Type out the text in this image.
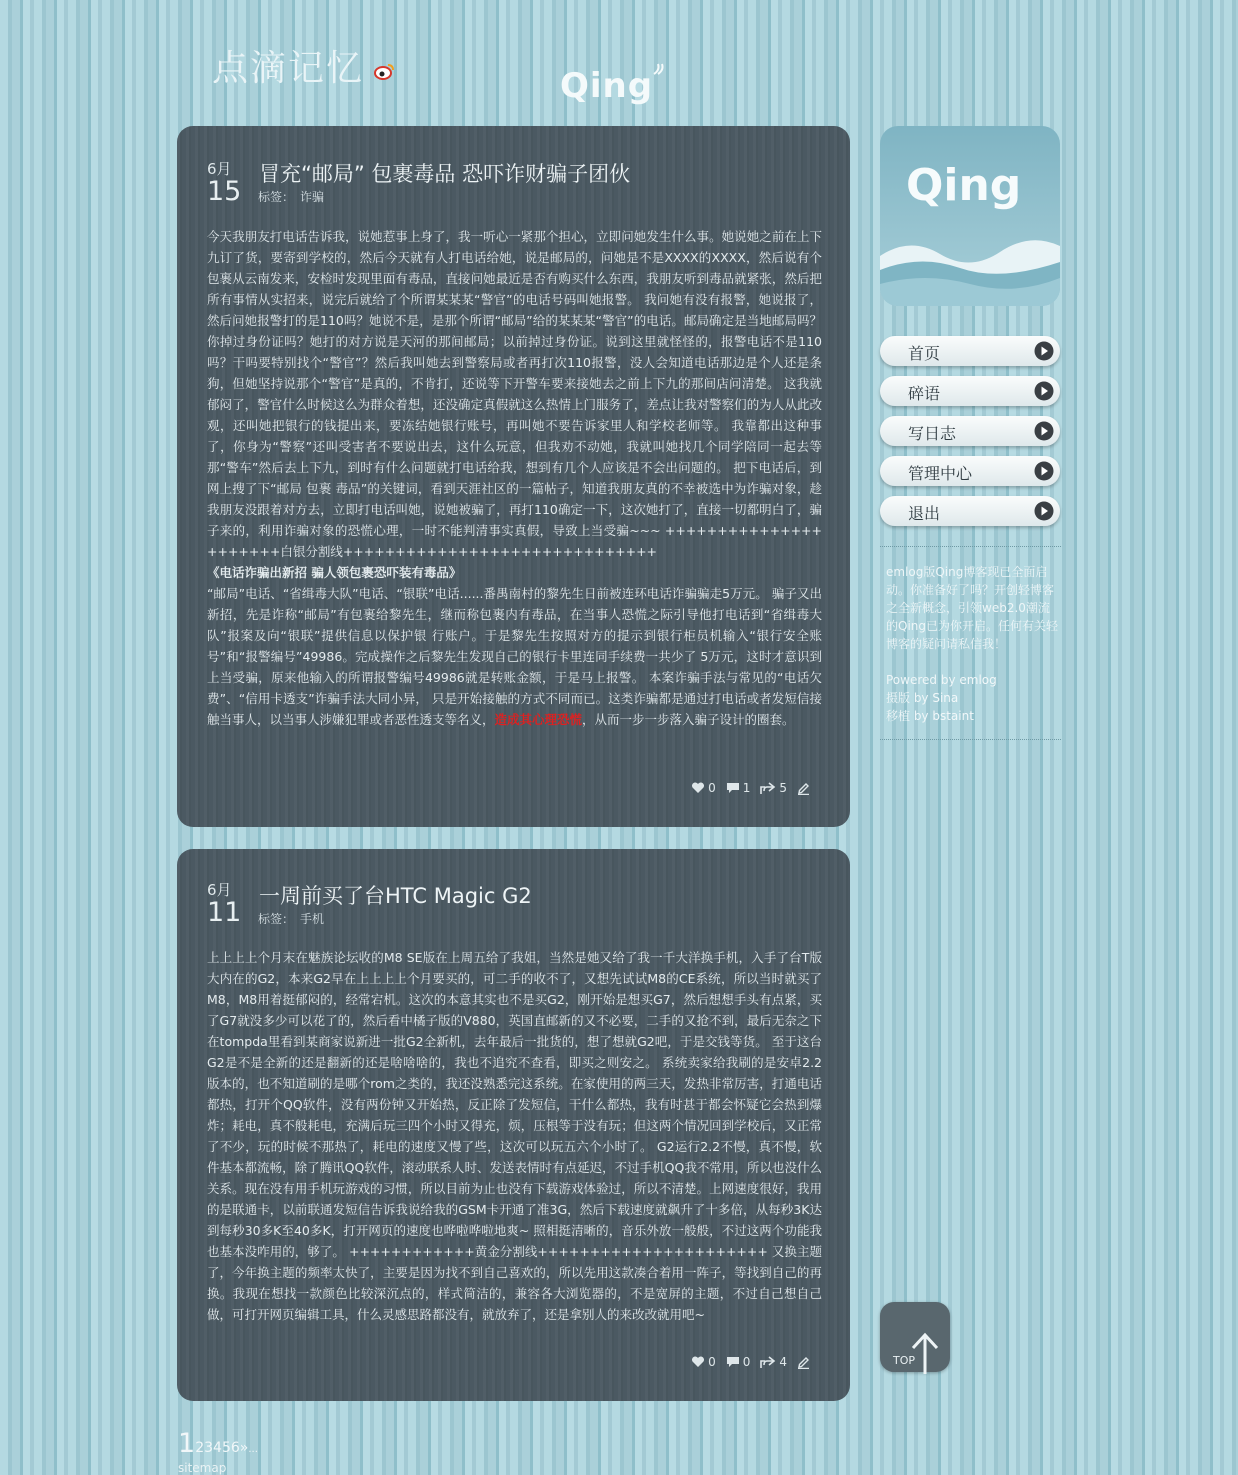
点滴记忆	Qing
6月
15
冒充“邮局” 包裹毒品 恐吓诈财骗子团伙
标签： 诈骗

今天我朋友打电话告诉我，说她惹事上身了，我一听心一紧那个担心，立即问她发生什么事。她说她之前在上下九订了货，要寄到学校的，然后今天就有人打电话给她，说是邮局的，问她是不是XXXX的XXXX，然后说有个包裹从云南发来，安检时发现里面有毒品，直接问她最近是否有购买什么东西，我朋友听到毒品就紧张，然后把所有事情从实招来，说完后就给了个所谓某某某“警官”的电话号码叫她报警。 我问她有没有报警，她说报了，然后问她报警打的是110吗？她说不是，是那个所谓“邮局”给的某某某“警官”的电话。邮局确定是当地邮局吗？你掉过身份证吗？她打的对方说是天河的那间邮局；以前掉过身份证。说到这里就怪怪的，报警电话不是110吗？干吗要特别找个“警官”？然后我叫她去到警察局或者再打次110报警，没人会知道电话那边是个人还是条狗，但她坚持说那个“警官”是真的，不肯打，还说等下开警车要来接她去之前上下九的那间店问清楚。 这我就郁闷了，警官什么时候这么为群众着想，还没确定真假就这么热情上门服务了，差点让我对警察们的为人从此改观，还叫她把银行的钱提出来，要冻结她银行账号，再叫她不要告诉家里人和学校老师等。 我靠都出这种事了，你身为“警察”还叫受害者不要说出去，这什么玩意，但我劝不动她，我就叫她找几个同学陪同一起去等那“警车”然后去上下九，到时有什么问题就打电话给我，想到有几个人应该是不会出问题的。 把下电话后，到网上搜了下“邮局 包裹 毒品”的关键词，看到天涯社区的一篇帖子，知道我朋友真的不幸被选中为诈骗对象，趁我朋友没跟着对方去，立即打电话叫她，说她被骗了，再打110确定一下，这次她打了，直接一切都明白了，骗子来的，利用诈骗对象的恐慌心理，一时不能判清事实真假，导致上当受骗~~~ ++++++++++++++++++++++白银分割线++++++++++++++++++++++++++++++

《电话诈骗出新招 骗人领包裹恐吓装有毒品》

“邮局”电话、“省缉毒大队”电话、“银联”电话......番禺南村的黎先生日前被连环电话诈骗骗走5万元。 骗子又出新招，先是诈称“邮局”有包裹给黎先生，继而称包裹内有毒品，在当事人恐慌之际引导他打电话到“省缉毒大队”报案及向“银联”提供信息以保护银 行账户。于是黎先生按照对方的提示到银行柜员机输入“银行安全账号”和“报警编号”49986。完成操作之后黎先生发现自己的银行卡里连同手续费一共少了 5万元，这时才意识到上当受骗，原来他输入的所谓报警编号49986就是转账金额，于是马上报警。 本案诈骗手法与常见的“电话欠费”、“信用卡透支”诈骗手法大同小异， 只是开始接触的方式不同而已。这类诈骗都是通过打电话或者发短信接触当事人，以当事人涉嫌犯罪或者恶性透支等名义，造成其心理恐慌，从而一步一步落入骗子设计的圈套。

0 1 5
6月
11
一周前买了台HTC Magic G2
标签： 手机

上上上上个月末在魅族论坛收的M8 SE版在上周五给了我姐，当然是她又给了我一千大洋换手机，入手了台T版大内在的G2，本来G2早在上上上上个月要买的，可二手的收不了，又想先试试M8的CE系统，所以当时就买了M8，M8用着挺郁闷的，经常宕机。这次的本意其实也不是买G2，刚开始是想买G7，然后想想手头有点紧，买了G7就没多少可以花了的，然后看中橘子版的V880，英国直邮新的又不必要，二手的又抢不到，最后无奈之下在tompda里看到某商家说新进一批G2全新机，去年最后一批货的，想了想就G2吧，于是交钱等货。 至于这台G2是不是全新的还是翻新的还是啥啥啥的，我也不追究不查看，即买之则安之。 系统卖家给我刷的是安卓2.2版本的，也不知道刷的是哪个rom之类的，我还没熟悉完这系统。在家使用的两三天，发热非常厉害，打通电话都热，打开个QQ软件，没有两份钟又开始热，反正除了发短信，干什么都热，我有时甚于都会怀疑它会热到爆炸；耗电，真不般耗电，充满后玩三四个小时又得充，烦，压根等于没有玩；但这两个情况回到学校后，又正常了不少，玩的时候不那热了，耗电的速度又慢了些，这次可以玩五六个小时了。 G2运行2.2不慢，真不慢，软件基本都流畅，除了腾讯QQ软件，滚动联系人时、发送表情时有点延迟，不过手机QQ我不常用，所以也没什么关系。现在没有用手机玩游戏的习惯，所以目前为止也没有下载游戏体验过，所以不清楚。上网速度很好，我用的是联通卡，以前联通发短信告诉我说给我的GSM卡开通了准3G，然后下载速度就飙升了十多倍，从每秒3K达到每秒30多K至40多K，打开网页的速度也哗啦哗啦地爽~ 照相挺清晰的，音乐外放一般般，不过这两个功能我也基本没咋用的，够了。 ++++++++++++黄金分割线++++++++++++++++++++++ 又换主题了，今年换主题的频率太快了，主要是因为找不到自己喜欢的，所以先用这款凑合着用一阵子，等找到自己的再换。我现在想找一款颜色比较深沉点的，样式简洁的，兼容各大浏览器的，不是宽屏的主题，不过自己想自己做，可打开网页编辑工具，什么灵感思路都没有，就放弃了，还是拿别人的来改改就用吧~

0 0 4
Qing
首页
碎语
写日志
管理中心
退出
emlog版Qing博客现已全面启动。你准备好了吗？开创轻博客之全新概念，引领web2.0潮流的Qing已为你开启。任何有关轻博客的疑问请私信我！
Powered by emlog
摄版 by Sina
移植 by bstaint
TOP
1 2 3 4 5 6 » ...
sitemap
